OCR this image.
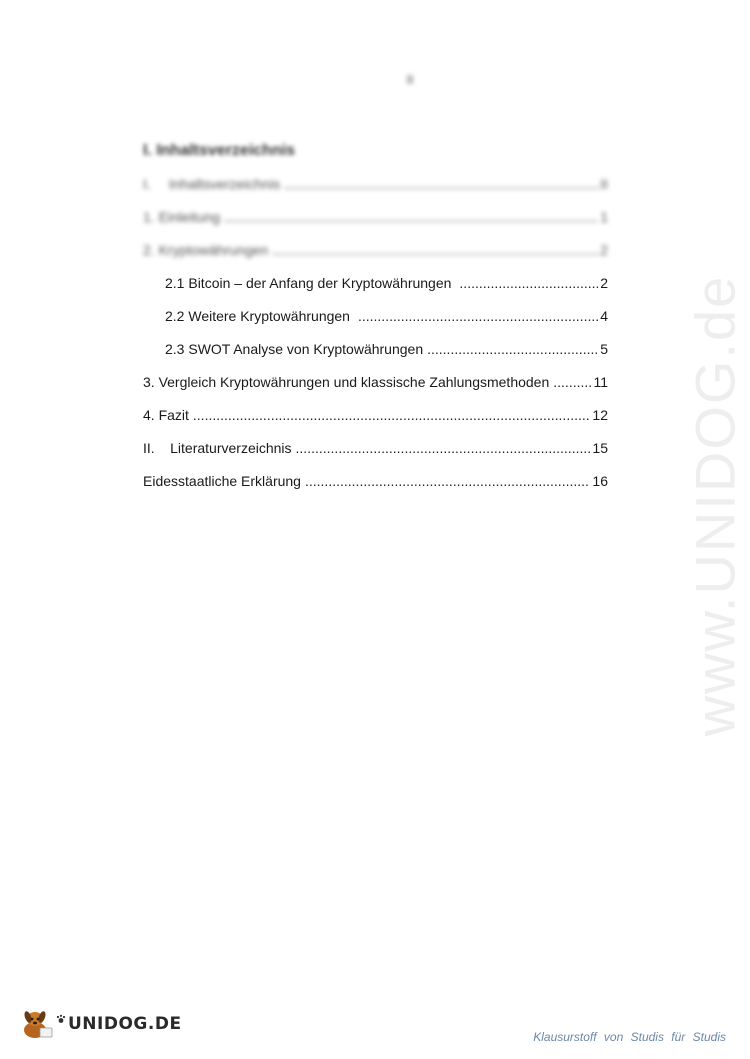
II
I. Inhaltsverzeichnis
I. Inhaltsverzeichnis .....	II
1. Einleitung .....	1
2. Kryptowährungen .....	2
2.1 Bitcoin – der Anfang der Kryptowährungen .....	2
2.2 Weitere Kryptowährungen .....	4
2.3 SWOT Analyse von Kryptowährungen .....	5
3. Vergleich Kryptowährungen und klassische Zahlungsmethoden .....	11
4. Fazit .....	12
II. Literaturverzeichnis .....	15
Eidesstaatliche Erklärung .....	16 www.UNIDOG.de
UNIDOG.DE
Klausurstoff von Studis für Studis
